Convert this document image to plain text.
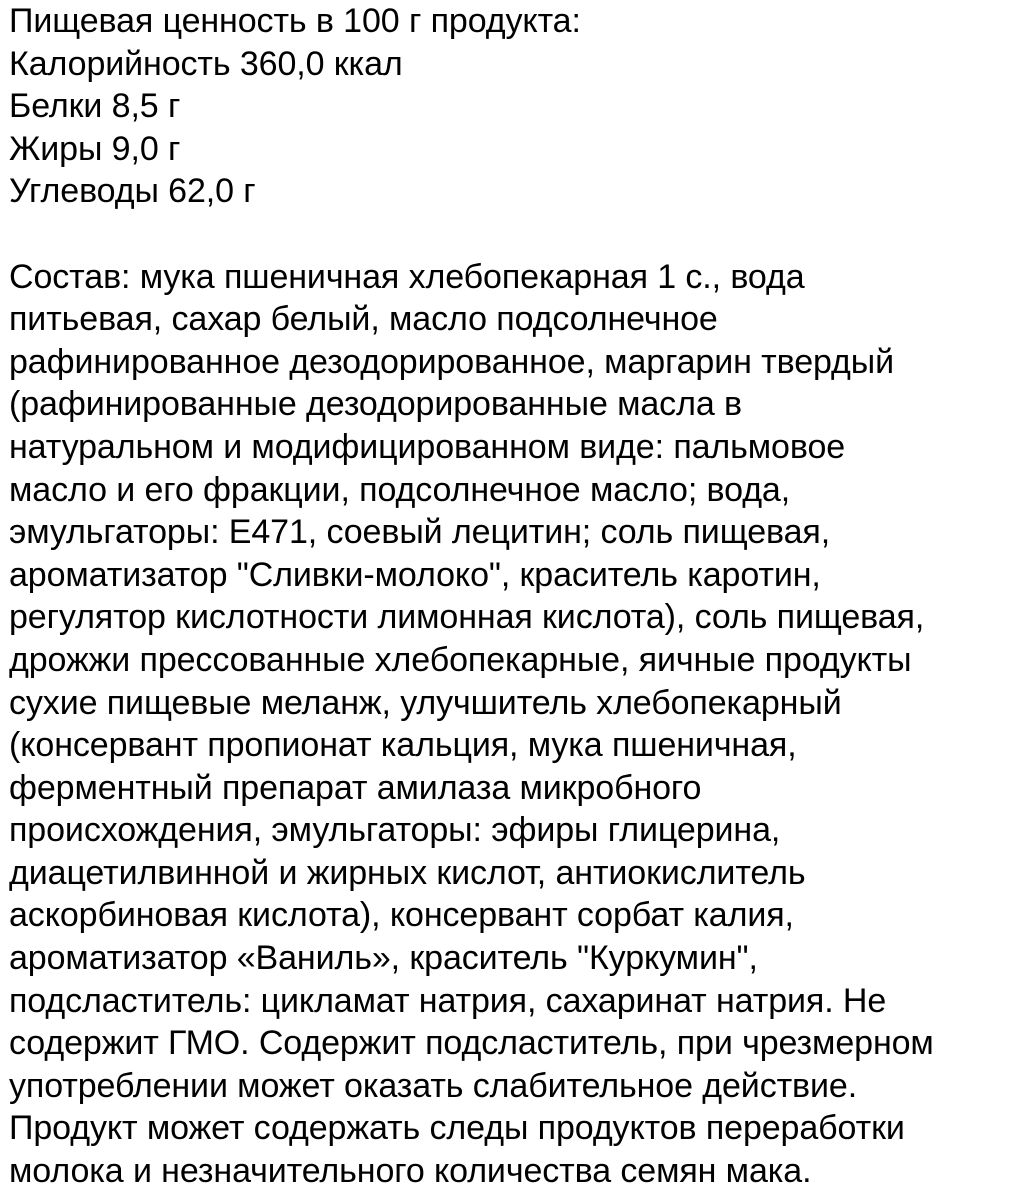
Пищевая ценность в 100 г продукта:
Калорийность 360,0 ккал
Белки 8,5 г
Жиры 9,0 г
Углеводы 62,0 г
Состав: мука пшеничная хлебопекарная 1 с., вода
питьевая, сахар белый, масло подсолнечное
рафинированное дезодорированное, маргарин твердый
(рафинированные дезодорированные масла в
натуральном и модифицированном виде: пальмовое
масло и его фракции, подсолнечное масло; вода,
эмульгаторы: Е471, соевый лецитин; соль пищевая,
ароматизатор "Сливки-молоко", краситель каротин,
регулятор кислотности лимонная кислота), соль пищевая,
дрожжи прессованные хлебопекарные, яичные продукты
сухие пищевые меланж, улучшитель хлебопекарный
(консервант пропионат кальция, мука пшеничная,
ферментный препарат амилаза микробного
происхождения, эмульгаторы: эфиры глицерина,
диацетилвинной и жирных кислот, антиокислитель
аскорбиновая кислота), консервант сорбат калия,
ароматизатор «Ваниль», краситель "Куркумин",
подсластитель: цикламат натрия, сахаринат натрия. Не
содержит ГМО. Содержит подсластитель, при чрезмерном
употреблении может оказать слабительное действие.
Продукт может содержать следы продуктов переработки
молока и незначительного количества семян мака.
